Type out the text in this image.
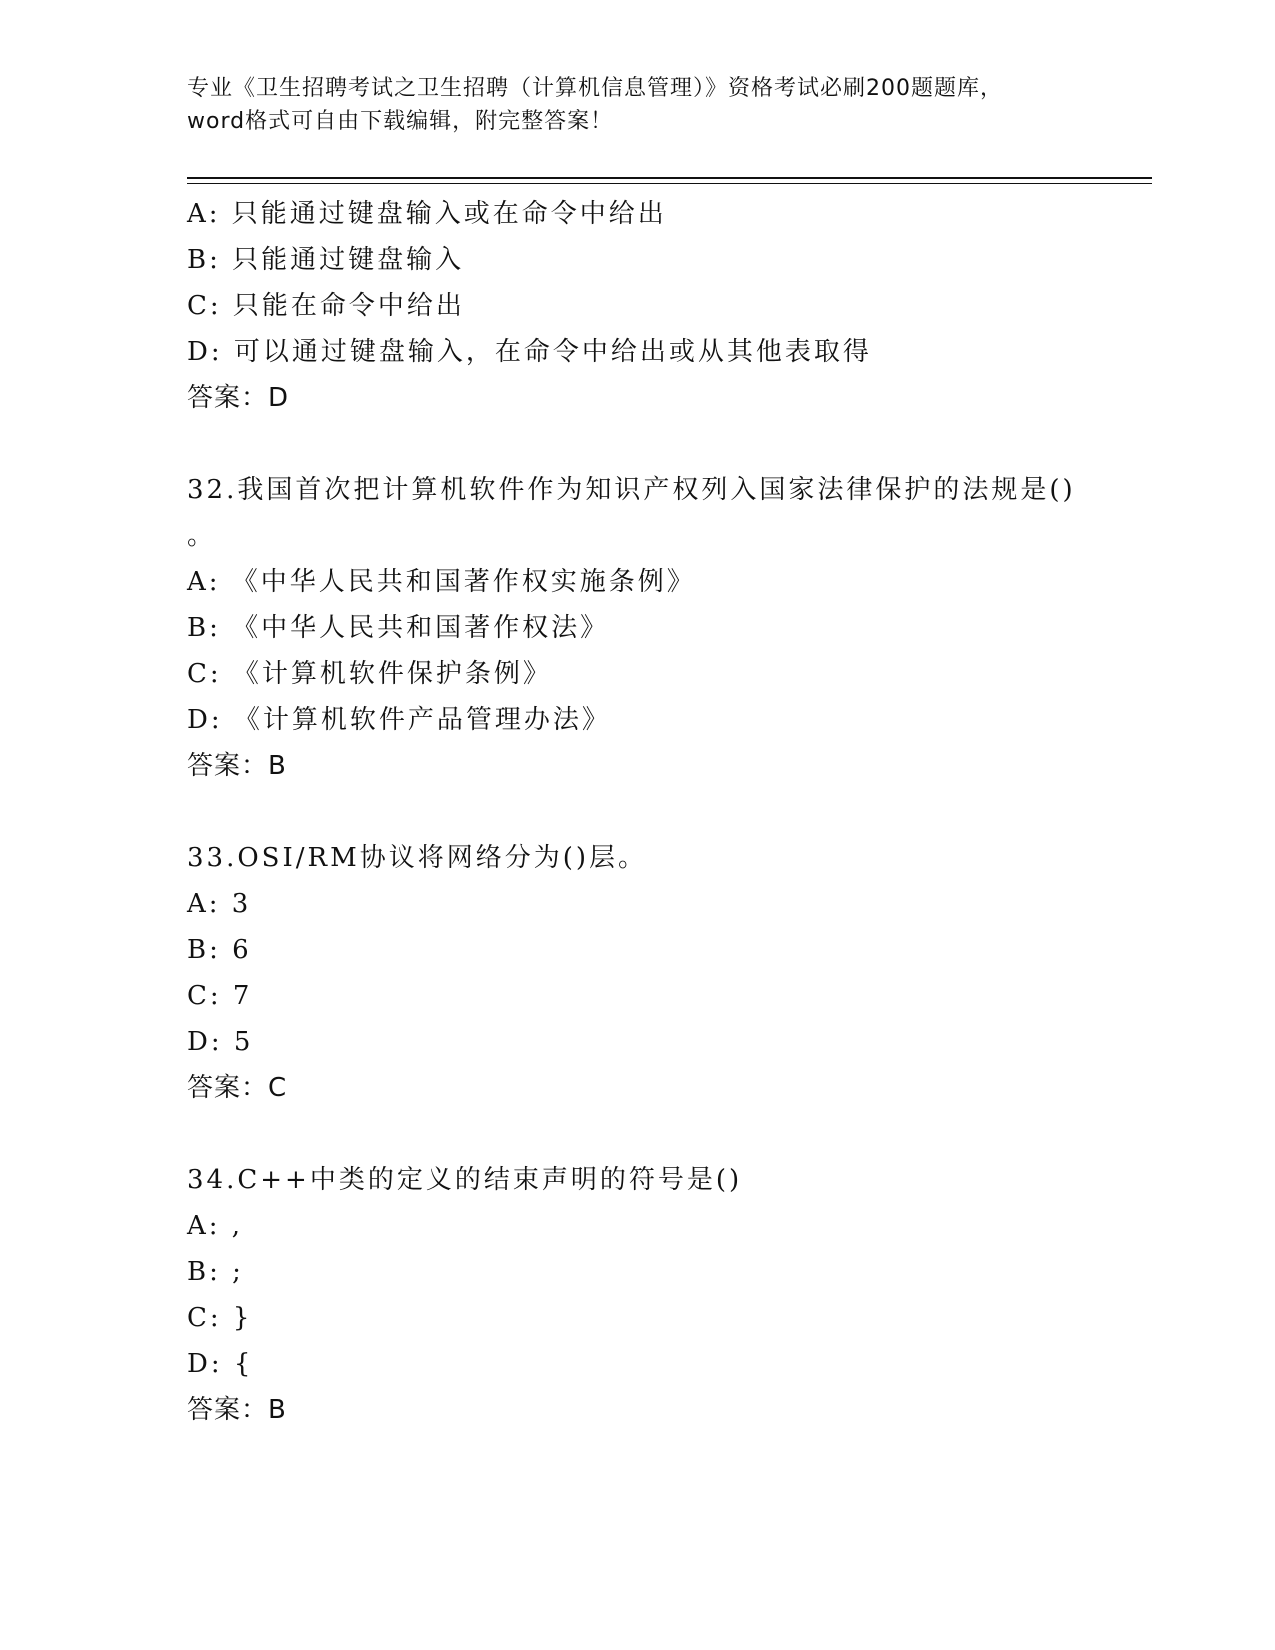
专业《卫生招聘考试之卫生招聘（计算机信息管理）》资格考试必刷200题题库，
word格式可自由下载编辑，附完整答案！
A: 只能通过键盘输入或在命令中给出
B: 只能通过键盘输入
C: 只能在命令中给出
D: 可以通过键盘输入，在命令中给出或从其他表取得
答案：D
32.我国首次把计算机软件作为知识产权列入国家法律保护的法规是()
。
A: 《中华人民共和国著作权实施条例》
B: 《中华人民共和国著作权法》
C: 《计算机软件保护条例》
D: 《计算机软件产品管理办法》
答案：B
33.OSI/RM协议将网络分为()层。
A: 3
B: 6
C: 7
D: 5
答案：C
34.C++中类的定义的结束声明的符号是()
A: ,
B: ;
C: }
D: {
答案：B
